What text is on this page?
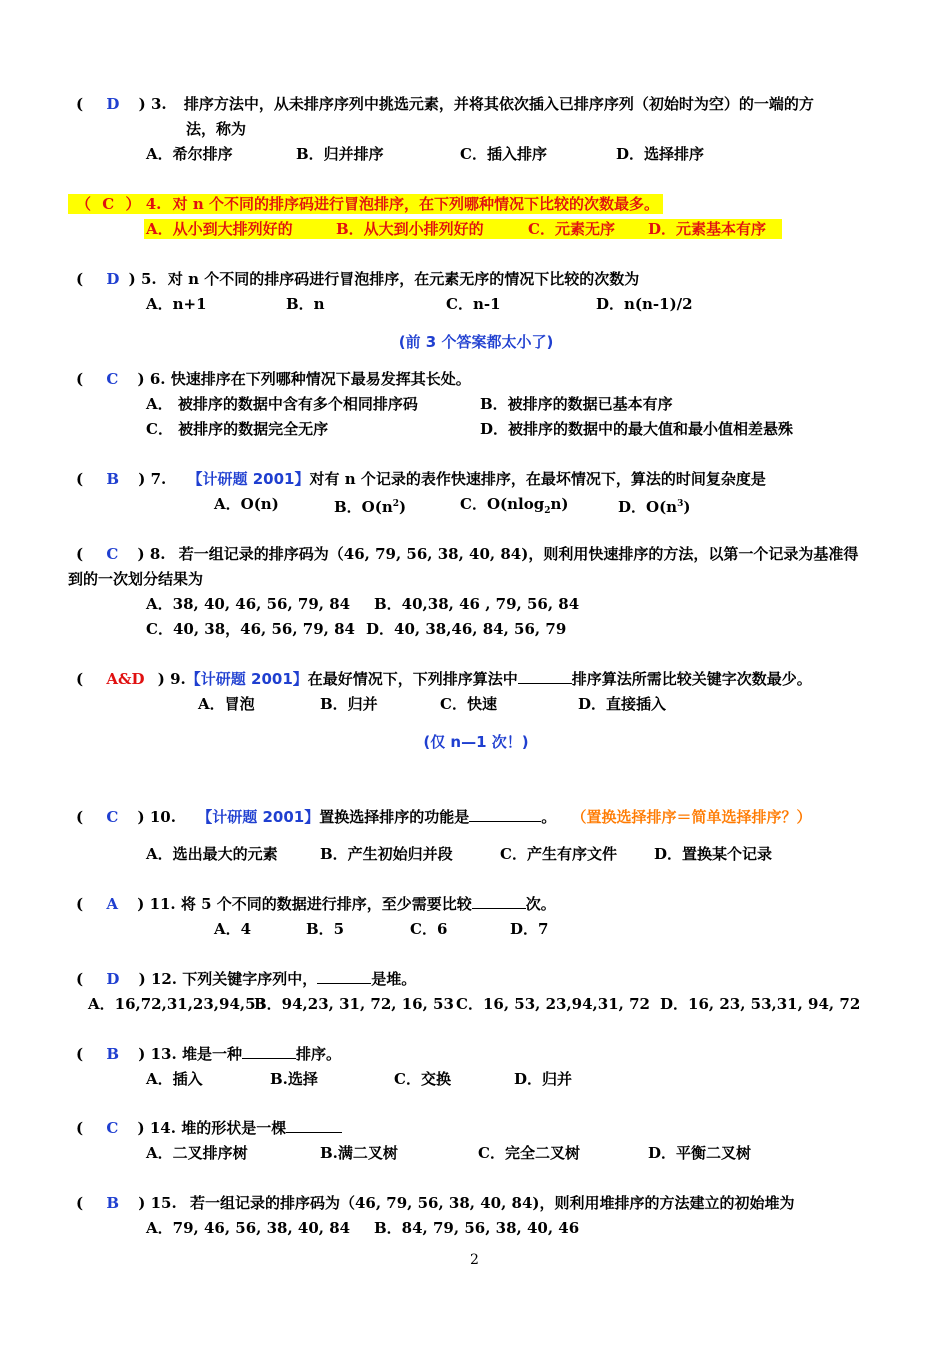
( D ) 3. 排序方法中，从未排序序列中挑选元素，并将其依次插入已排序序列（初始时为空）的一端的方
法，称为
A．希尔排序	B．归并排序	C．插入排序	D．选择排序
（ C ） 4. 对 n 个不同的排序码进行冒泡排序，在下列哪种情况下比较的次数最多。
A．从小到大排列好的	B．从大到小排列好的	C．元素无序 D．元素基本有序
( D ) 5. 对 n 个不同的排序码进行冒泡排序，在元素无序的情况下比较的次数为
A．n+1	B．n	C．n-1	D．n(n-1)/2
(前 3 个答案都太小了)
( C ) 6. 快速排序在下列哪种情况下最易发挥其长处。
A． 被排序的数据中含有多个相同排序码	B．被排序的数据已基本有序
C． 被排序的数据完全无序	D．被排序的数据中的最大值和最小值相差悬殊
( B ) 7. 【计研题 2001】对有 n 个记录的表作快速排序，在最坏情况下，算法的时间复杂度是
A．O(n)	B．$O(n^2)$	C．O(nlog$_2$n)	D．$O(n^3)$
( C ) 8. 若一组记录的排序码为（46, 79, 56, 38, 40, 84)，则利用快速排序的方法，以第一个记录为基准得
到的一次划分结果为
A．38, 40, 46, 56, 79, 84 B．40,38, 46 , 79, 56, 84
C．40, 38，46, 56, 79, 84 D．40, 38,46, 84, 56, 79
( A&D ) 9.【计研题 2001】在最好情况下，下列排序算法中	排序算法所需比较关键字次数最少。
A．冒泡	B．归并	C．快速	D．直接插入
(仅 n—1 次！)
( C ) 10. 【计研题 2001】置换选择排序的功能是	。 （置换选择排序＝简单选择排序？）
A．选出最大的元素	B．产生初始归并段	C．产生有序文件 D．置换某个记录
( A ) 11. 将 5 个不同的数据进行排序，至少需要比较	次。
A．4	B．5	C．6	D．7
( D ) 12. 下列关键字序列中，	是堆。
A．16,72,31,23,94,53
B．94,23, 31, 72, 16, 53 C．16, 53, 23,94,31, 72 D．16, 23, 53,31, 94, 72
( B ) 13. 堆是一种	排序。
A．插入	B.选择	C．交换	D．归并
( C ) 14. 堆的形状是一棵
A．二叉排序树	B.满二叉树	C．完全二叉树	D．平衡二叉树
( B ) 15. 若一组记录的排序码为（46, 79, 56, 38, 40, 84)，则利用堆排序的方法建立的初始堆为
A．79, 46, 56, 38, 40, 84 B．84, 79, 56, 38, 40, 46
2
